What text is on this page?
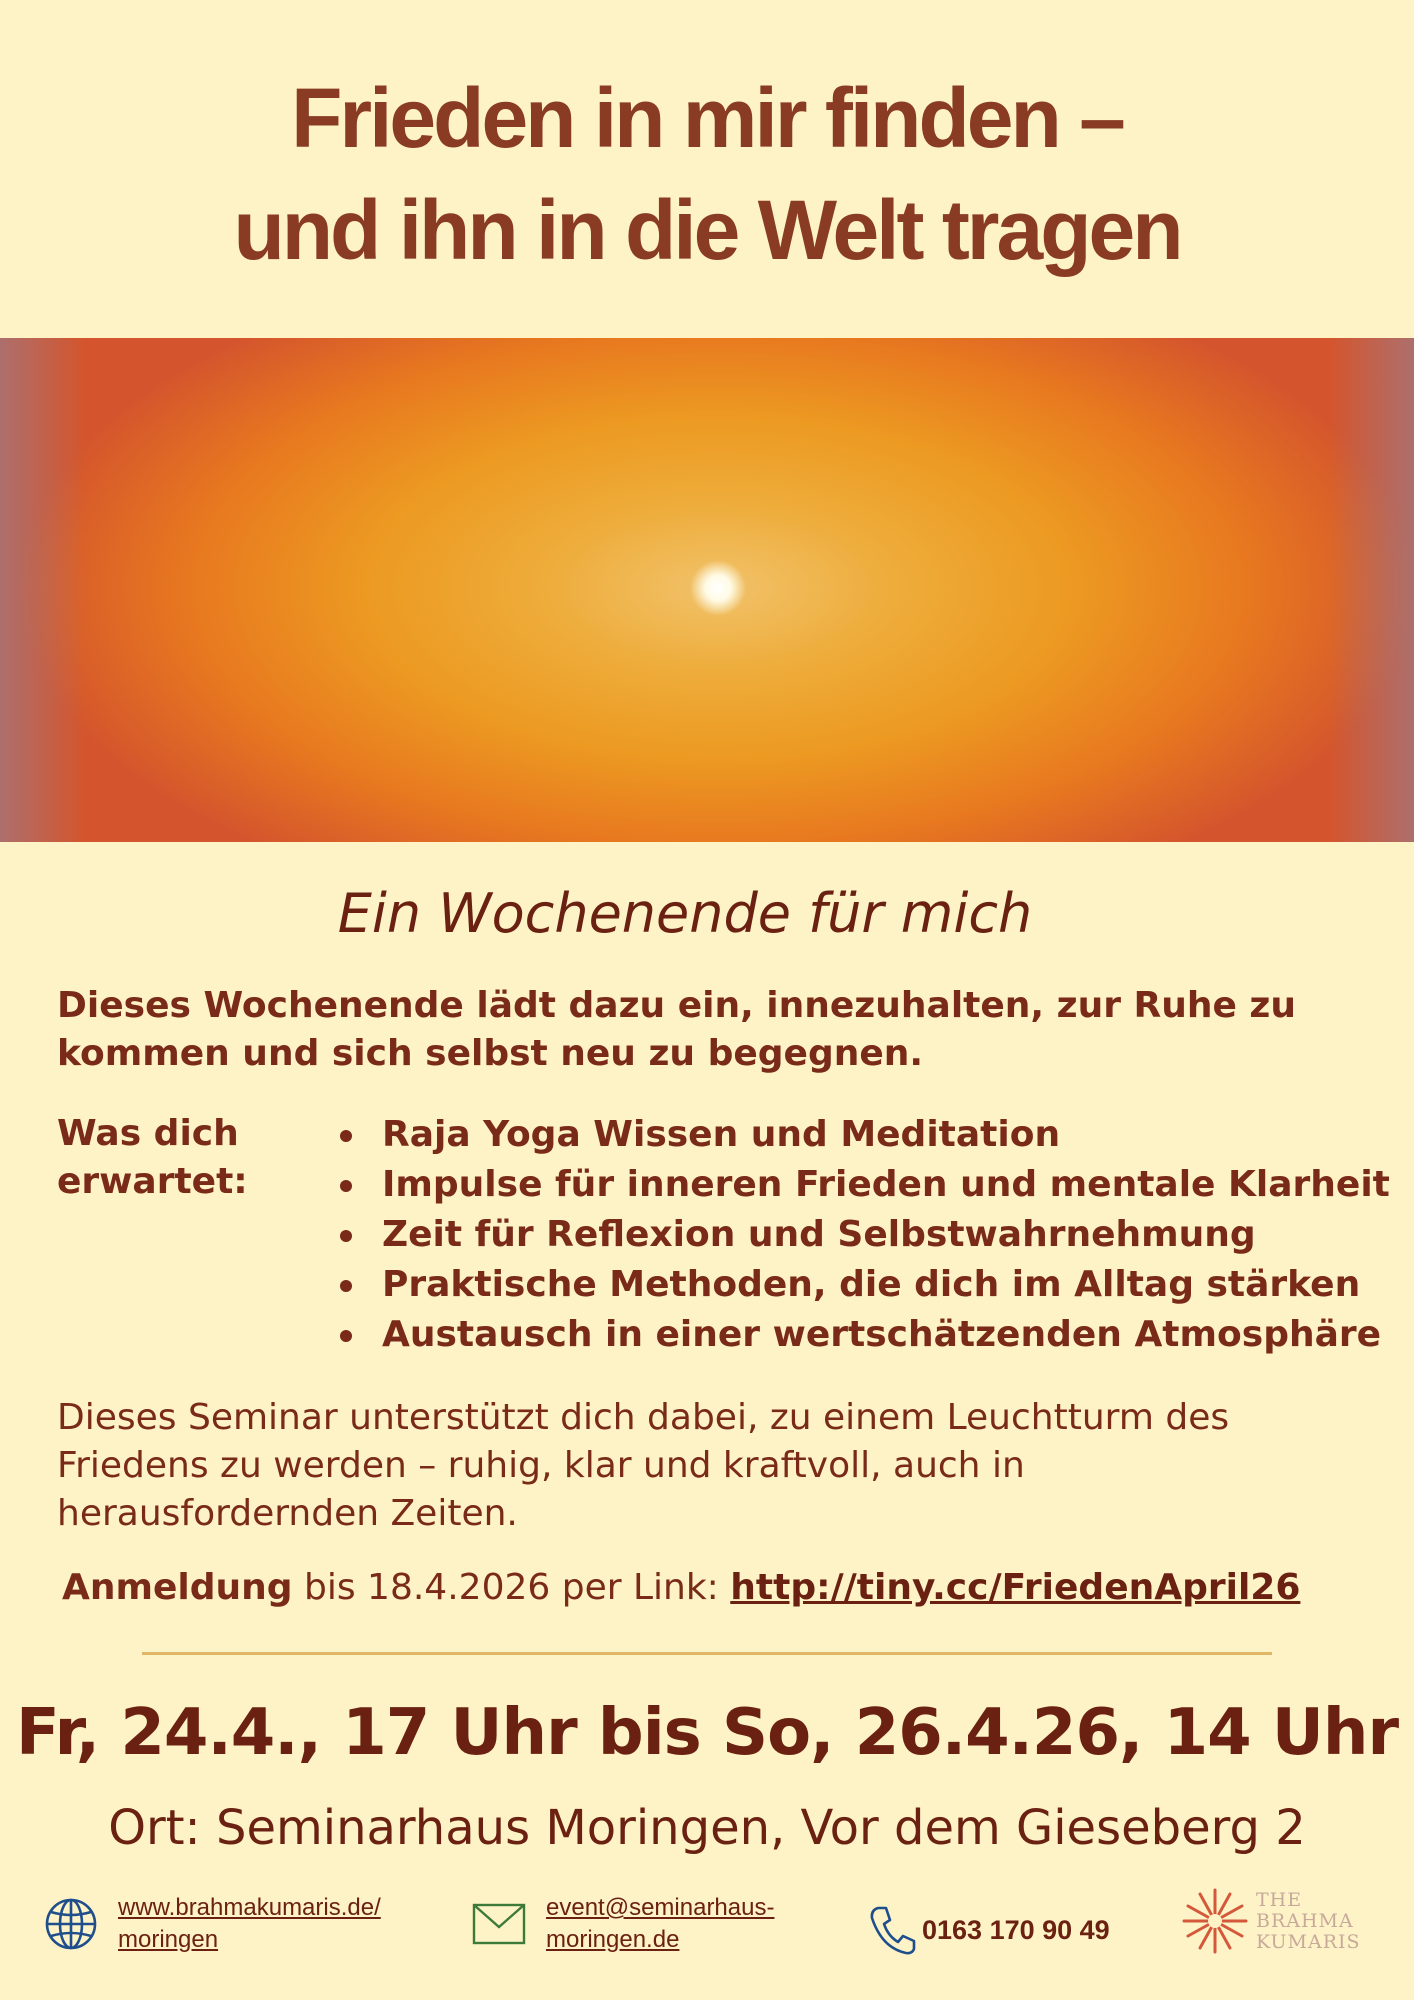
Frieden in mir finden –
und ihn in die Welt tragen
Ein Wochenende für mich
Dieses Wochenende lädt dazu ein, innezuhalten, zur Ruhe zu kommen und sich selbst neu zu begegnen.
Was dich erwartet:
Raja Yoga Wissen und Meditation
Impulse für inneren Frieden und mentale Klarheit
Zeit für Reflexion und Selbstwahrnehmung
Praktische Methoden, die dich im Alltag stärken
Austausch in einer wertschätzenden Atmosphäre
Dieses Seminar unterstützt dich dabei, zu einem Leuchtturm des Friedens zu werden – ruhig, klar und kraftvoll, auch in herausfordernden Zeiten.
Anmeldung bis 18.4.2026 per Link: http://tiny.cc/FriedenApril26
Fr, 24.4., 17 Uhr bis So, 26.4.26, 14 Uhr
Ort: Seminarhaus Moringen, Vor dem Gieseberg 2
www.brahmakumaris.de/
moringen
event@seminarhaus-
moringen.de	0163 170 90 49
THE
BRAHMA
KUMARIS
